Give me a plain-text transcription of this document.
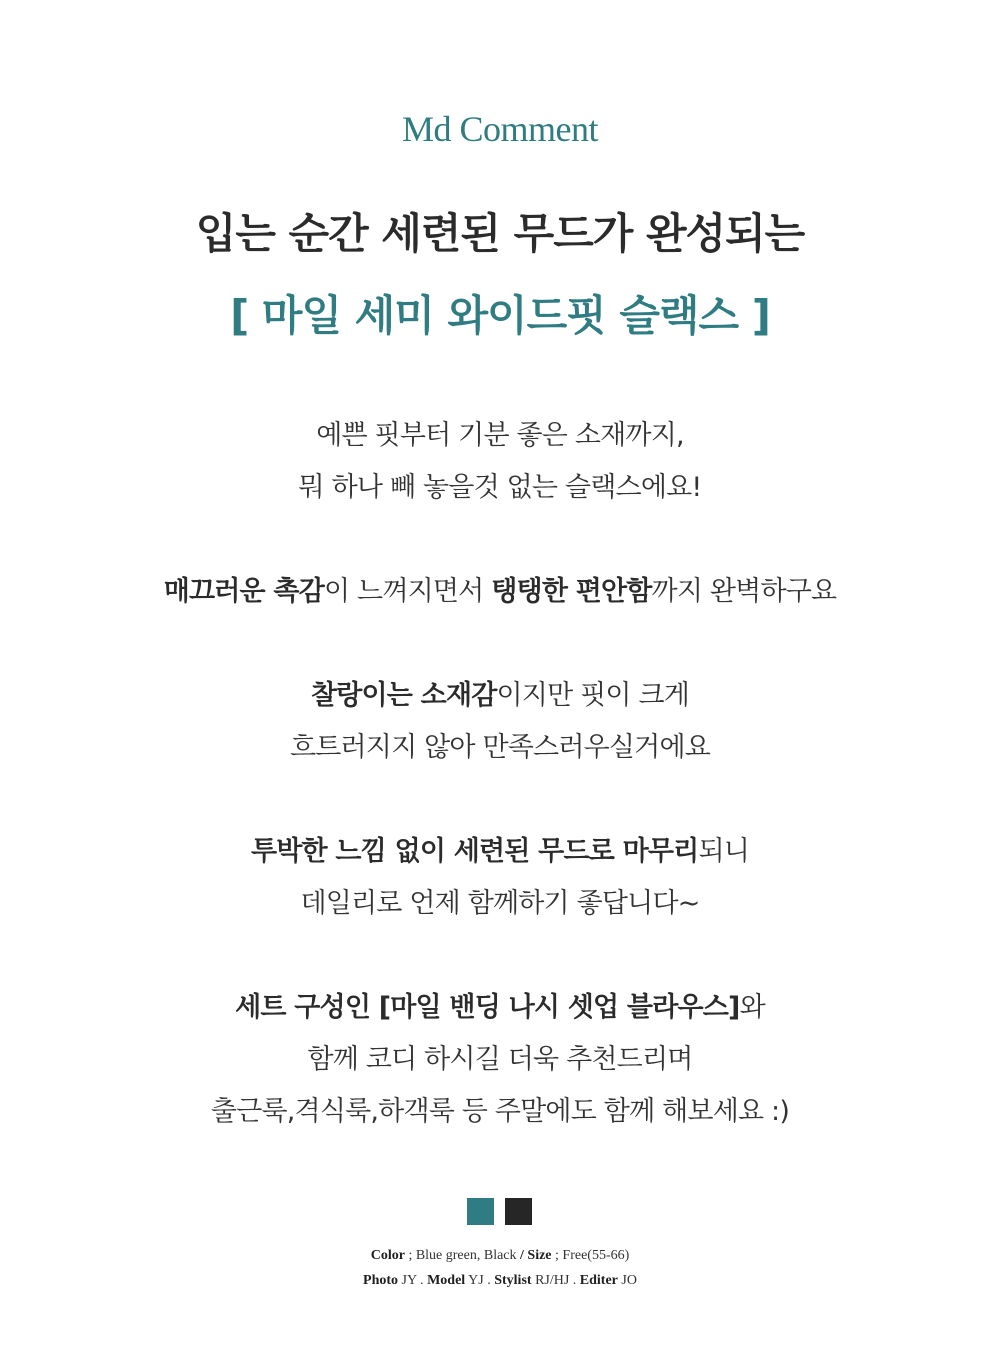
Md Comment
입는 순간 세련된 무드가 완성되는
[ 마일 세미 와이드핏 슬랙스 ]
예쁜 핏부터 기분 좋은 소재까지,
뭐 하나 빼 놓을것 없는 슬랙스에요!
매끄러운 촉감이 느껴지면서 탱탱한 편안함까지 완벽하구요
찰랑이는 소재감이지만 핏이 크게
흐트러지지 않아 만족스러우실거에요
투박한 느낌 없이 세련된 무드로 마무리되니
데일리로 언제 함께하기 좋답니다~
세트 구성인 [마일 밴딩 나시 셋업 블라우스]와
함께 코디 하시길 더욱 추천드리며
출근룩,격식룩,하객룩 등 주말에도 함께 해보세요 :)
Color ; Blue green, Black / Size ; Free(55-66)
Photo JY . Model YJ . Stylist RJ/HJ . Editer JO
